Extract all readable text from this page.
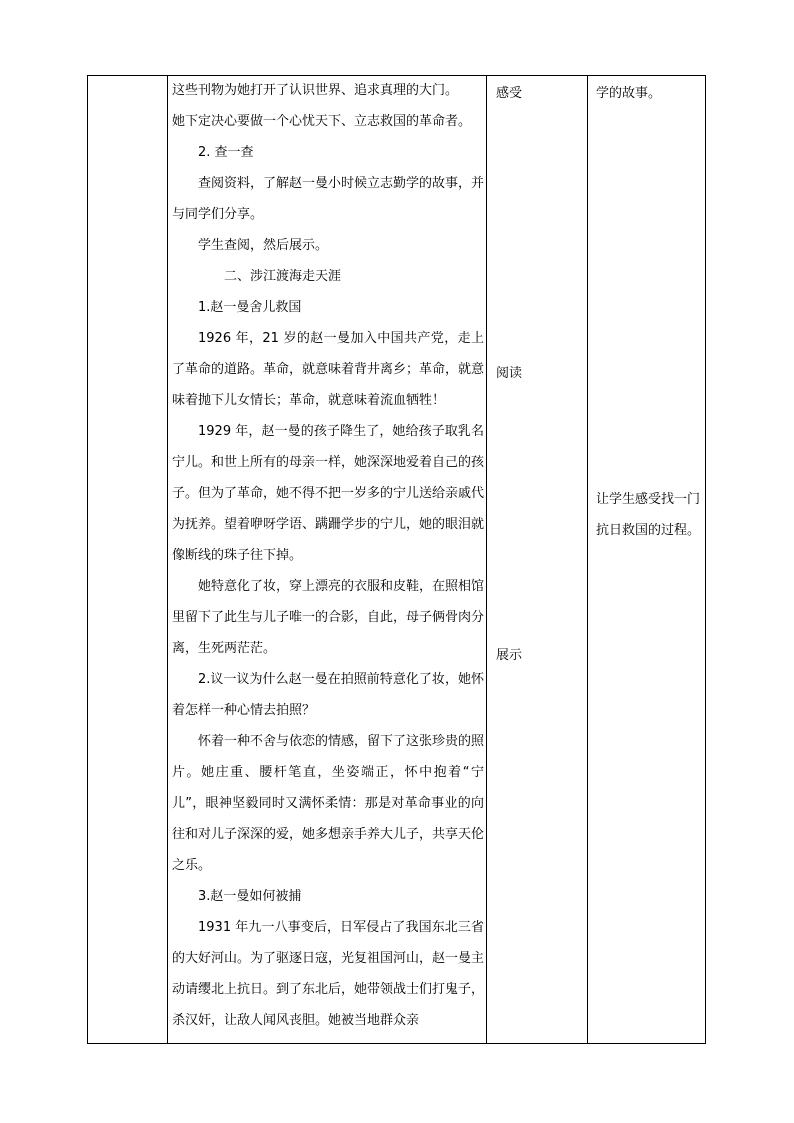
这些刊物为她打开了认识世界、追求真理的大门。

她下定决心要做一个心忧天下、立志救国的革命者。

2. 查一查

查阅资料，了解赵一曼小时候立志勤学的故事，并与同学们分享。

学生查阅，然后展示。

二、涉江渡海走天涯

1.赵一曼舍儿救国

1926 年，21 岁的赵一曼加入中国共产党，走上了革命的道路。革命，就意味着背井离乡；革命，就意味着抛下儿女情长；革命，就意味着流血牺牲！

1929 年，赵一曼的孩子降生了，她给孩子取乳名宁儿。和世上所有的母亲一样，她深深地爱着自己的孩子。但为了革命，她不得不把一岁多的宁儿送给亲戚代为抚养。望着咿呀学语、蹒跚学步的宁儿，她的眼泪就像断线的珠子往下掉。

她特意化了妆，穿上漂亮的衣服和皮鞋，在照相馆里留下了此生与儿子唯一的合影，自此，母子俩骨肉分离，生死两茫茫。

2.议一议为什么赵一曼在拍照前特意化了妆，她怀着怎样一种心情去拍照？

怀着一种不舍与依恋的情感，留下了这张珍贵的照片。她庄重、腰杆笔直，坐姿端正，怀中抱着“宁儿”，眼神坚毅同时又满怀柔情：那是对革命事业的向往和对儿子深深的爱，她多想亲手养大儿子，共享天伦之乐。

3.赵一曼如何被捕

1931 年九一八事变后，日军侵占了我国东北三省的大好河山。为了驱逐日寇，光复祖国河山，赵一曼主动请缨北上抗日。到了东北后，她带领战士们打鬼子，杀汉奸，让敌人闻风丧胆。她被当地群众亲

感受
阅读
展示
学的故事。
让学生感受找一门抗日救国的过程。
